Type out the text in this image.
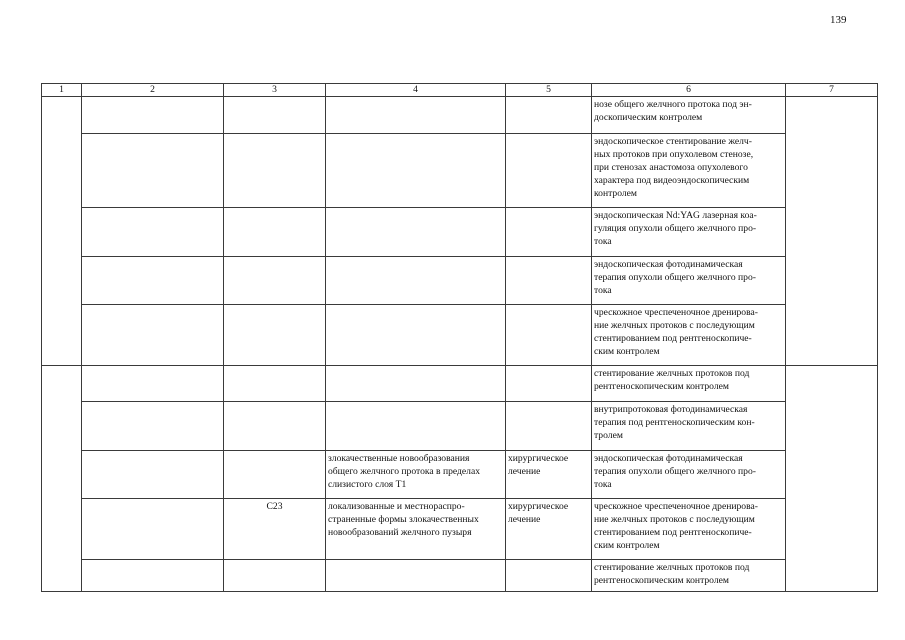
139
1	2	3	4	5	6	7
					нозе общего желчного протока под эн-
доскопическим контролем	
					эндоскопическое стентирование желч-
ных протоков при опухолевом стенозе,
при стенозах анастомоза опухолевого
характера под видеоэндоскопическим
контролем	
					эндоскопическая Nd:YAG лазерная коа-
гуляция опухоли общего желчного про-
тока	
					эндоскопическая фотодинамическая
терапия опухоли общего желчного про-
тока	
					чрескожное чреспеченочное дренирова-
ние желчных протоков с последующим
стентированием под рентгеноскопиче-
ским контролем	
					стентирование желчных протоков под
рентгеноскопическим контролем	
					внутрипротоковая фотодинамическая
терапия под рентгеноскопическим кон-
тролем	
			злокачественные новообразования
общего желчного протока в пределах
слизистого слоя T1	хирургическое
лечение	эндоскопическая фотодинамическая
терапия опухоли общего желчного про-
тока	
		C23	локализованные и местнораспро-
страненные формы злокачественных
новообразований желчного пузыря	хирургическое
лечение	чрескожное чреспеченочное дренирова-
ние желчных протоков с последующим
стентированием под рентгеноскопиче-
ским контролем	
					стентирование желчных протоков под
рентгеноскопическим контролем	
